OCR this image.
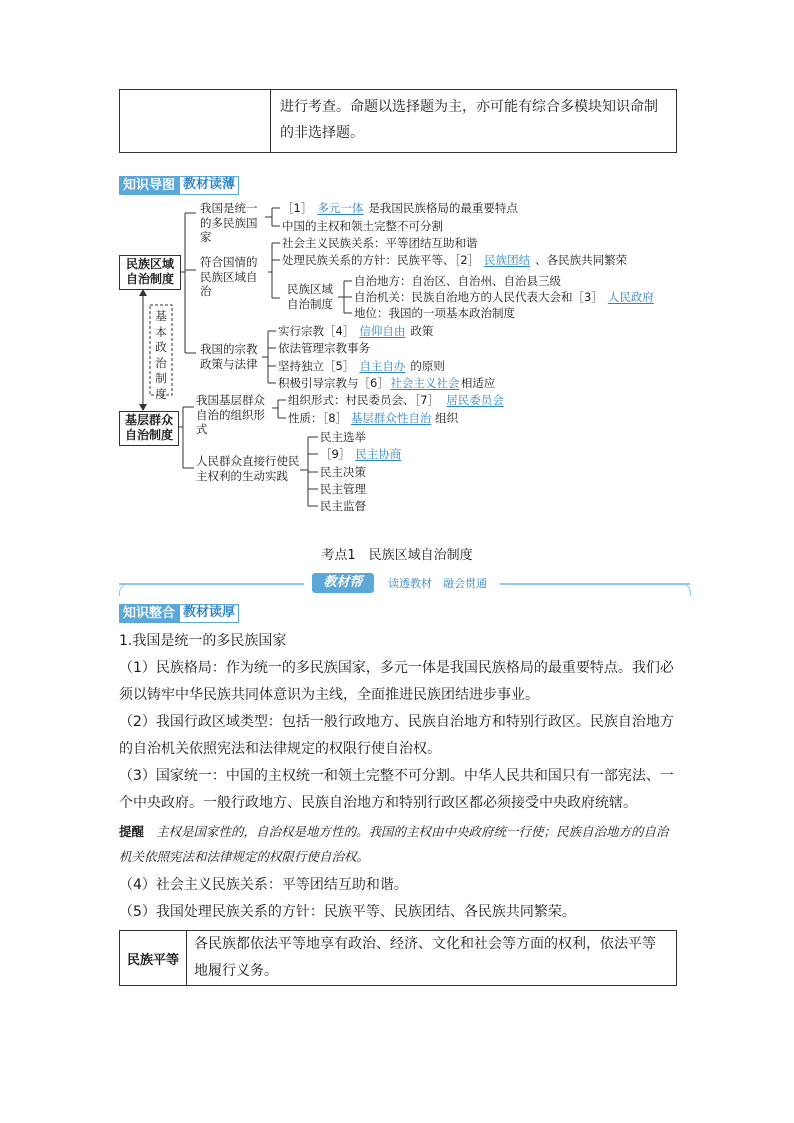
进行考查。命题以选择题为主，亦可能有综合多模块知识命制的非选择题。
知识导图 教材读薄
民族区域自治制度
基层群众自治制度
基本政治制度
我国是统一的多民族国家
［1］ 多元一体 是我国民族格局的最重要特点
中国的主权和领土完整不可分割
符合国情的民族区域自治
社会主义民族关系：平等团结互助和谐
处理民族关系的方针：民族平等、［2］ 民族团结 、各民族共同繁荣
民族区域自治制度
自治地方：自治区、自治州、自治县三级
自治机关：民族自治地方的人民代表大会和［3］ 人民政府
地位：我国的一项基本政治制度
我国的宗教政策与法律
实行宗教［4］ 信仰自由 政策
依法管理宗教事务
坚持独立［5］ 自主自办 的原则
积极引导宗教与［6］ 社会主义社会 相适应
我国基层群众自治的组织形式
组织形式：村民委员会、［7］ 居民委员会
性质：［8］ 基层群众性自治 组织
人民群众直接行使民主权利的生动实践
民主选举
［9］ 民主协商
民主决策
民主管理
民主监督
考点1　民族区域自治制度
教材帮	读透教材　融会贯通
知识整合 教材读厚
1.我国是统一的多民族国家
（1）民族格局：作为统一的多民族国家，多元一体是我国民族格局的最重要特点。我们必须以铸牢中华民族共同体意识为主线，全面推进民族团结进步事业。
（2）我国行政区域类型：包括一般行政地方、民族自治地方和特别行政区。民族自治地方的自治机关依照宪法和法律规定的权限行使自治权。
（3）国家统一：中国的主权统一和领土完整不可分割。中华人民共和国只有一部宪法、一个中央政府。一般行政地方、民族自治地方和特别行政区都必须接受中央政府统辖。
提醒 主权是国家性的，自治权是地方性的。我国的主权由中央政府统一行使；民族自治地方的自治机关依照宪法和法律规定的权限行使自治权。
（4）社会主义民族关系：平等团结互助和谐。
（5）我国处理民族关系的方针：民族平等、民族团结、各民族共同繁荣。
民族平等
各民族都依法平等地享有政治、经济、文化和社会等方面的权利，依法平等地履行义务。
